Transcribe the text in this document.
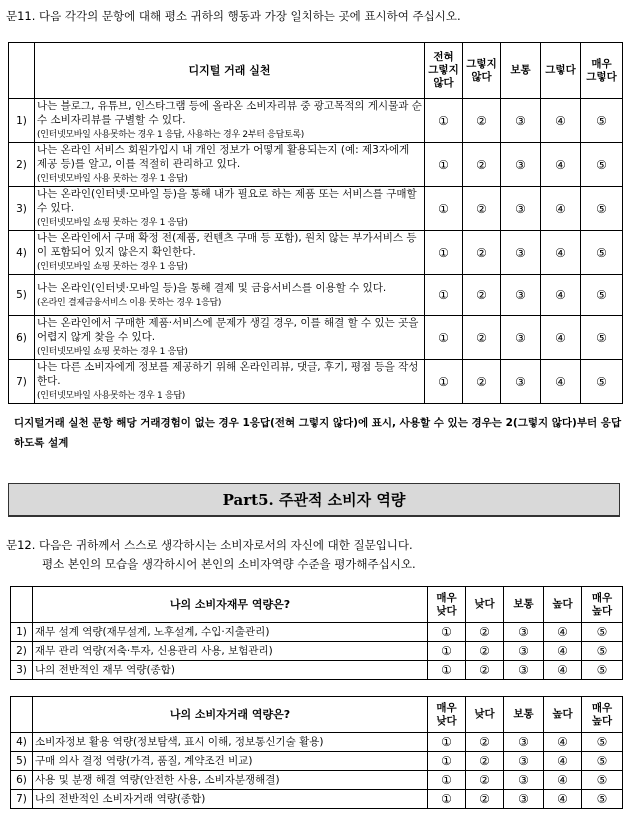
문11. 다음 각각의 문항에 대해 평소 귀하의 행동과 가장 일치하는 곳에 표시하여 주십시오.
	디지털 거래 실천	전혀
그렇지
않다	그렇지
않다	보통	그렇다	매우
그렇다
1)	나는 블로그, 유튜브, 인스타그램 등에 올라온 소비자리뷰 중 광고목적의 게시물과 순수 소비자리뷰를 구별할 수 있다.
(인터넷모바일 사용못하는 경우 1 응답, 사용하는 경우 2부터 응답토록)	①	②	③	④	⑤
2)	나는 온라인 서비스 회원가입시 내 개인 정보가 어떻게 활용되는지 (예: 제3자에게 제공 등)를 알고, 이를 적절히 관리하고 있다.
(인터넷모바일 사용 못하는 경우 1 응답)	①	②	③	④	⑤
3)	나는 온라인(인터넷·모바일 등)을 통해 내가 필요로 하는 제품 또는 서비스를 구매할 수 있다.
(인터넷모바일 쇼핑 못하는 경우 1 응답)	①	②	③	④	⑤
4)	나는 온라인에서 구매 확정 전(제품, 컨텐츠 구매 등 포함), 원치 않는 부가서비스 등이 포함되어 있지 않은지 확인한다.
(인터넷모바일 쇼핑 못하는 경우 1 응답)	①	②	③	④	⑤
5)	나는 온라인(인터넷·모바일 등)을 통해 결제 및 금융서비스를 이용할 수 있다.
(온라인 결제금융서비스 이용 못하는 경우 1응답)	①	②	③	④	⑤
6)	나는 온라인에서 구매한 제품·서비스에 문제가 생길 경우, 이를 해결 할 수 있는 곳을 어렵지 않게 찾을 수 있다.
(인터넷모바일 쇼핑 못하는 경우 1 응답)	①	②	③	④	⑤
7)	나는 다른 소비자에게 정보를 제공하기 위해 온라인리뷰, 댓글, 후기, 평점 등을 작성한다.
(인터넷모바일 사용못하는 경우 1 응답)	①	②	③	④	⑤
디지털거래 실천 문항 해당 거래경험이 없는 경우 1응답(전혀 그렇지 않다)에 표시, 사용할 수 있는 경우는 2(그렇지 않다)부터 응답하도록 설계
Part5. 주관적 소비자 역량
문12. 다음은 귀하께서 스스로 생각하시는 소비자로서의 자신에 대한 질문입니다.
평소 본인의 모습을 생각하시어 본인의 소비자역량 수준을 평가해주십시오.
	나의 소비자재무 역량은?	매우
낮다	낮다	보통	높다	매우
높다
1)	재무 설계 역량(재무설계, 노후설계, 수입·지출관리)	①	②	③	④	⑤
2)	재무 관리 역량(저축·투자, 신용관리 사용, 보험관리)	①	②	③	④	⑤
3)	나의 전반적인 재무 역량(종합)	①	②	③	④	⑤
	나의 소비자거래 역량은?	매우
낮다	낮다	보통	높다	매우
높다
4)	소비자정보 활용 역량(정보탐색, 표시 이해, 정보통신기술 활용)	①	②	③	④	⑤
5)	구매 의사 결정 역량(가격, 품질, 계약조건 비교)	①	②	③	④	⑤
6)	사용 및 분쟁 해결 역량(안전한 사용, 소비자분쟁해결)	①	②	③	④	⑤
7)	나의 전반적인 소비자거래 역량(종합)	①	②	③	④	⑤
